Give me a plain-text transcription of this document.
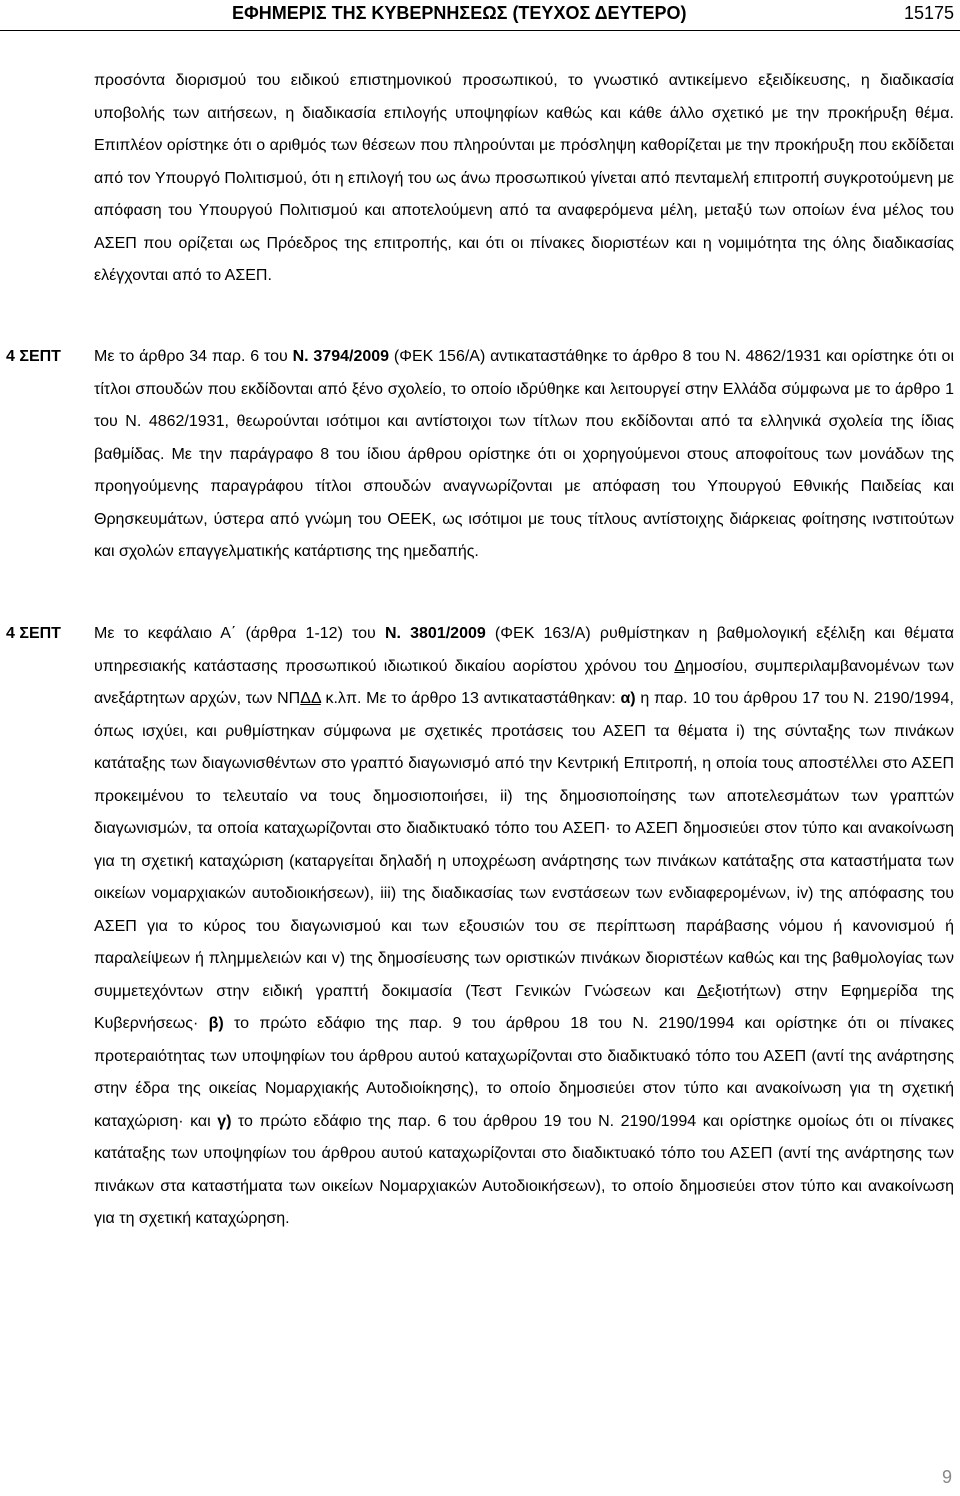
ΕΦΗΜΕΡΙΣ ΤΗΣ ΚΥΒΕΡΝΗΣΕΩΣ (ΤΕΥΧΟΣ ΔΕΥΤΕΡΟ)	15175
προσόντα διορισμού του ειδικού επιστημονικού προσωπικού, το γνωστικό αντικείμενο εξειδίκευσης, η διαδικασία υποβολής των αιτήσεων, η διαδικασία επιλογής υποψηφίων καθώς και κάθε άλλο σχετικό με την προκήρυξη θέμα. Επιπλέον ορίστηκε ότι ο αριθμός των θέσεων που πληρούνται με πρόσληψη καθορίζεται με την προκήρυξη που εκδίδεται από τον Υπουργό Πολιτισμού, ότι η επιλογή του ως άνω προσωπικού γίνεται από πενταμελή επιτροπή συγκροτούμενη με απόφαση του Υπουργού Πολιτισμού και αποτελούμενη από τα αναφερόμενα μέλη, μεταξύ των οποίων ένα μέλος του ΑΣΕΠ που ορίζεται ως Πρόεδρος της επιτροπής, και ότι οι πίνακες διοριστέων και η νομιμότητα της όλης διαδικασίας ελέγχονται από το ΑΣΕΠ.
4 ΣΕΠΤ Με το άρθρο 34 παρ. 6 του Ν. 3794/2009 (ΦΕΚ 156/Α) αντικαταστάθηκε το άρθρο 8 του Ν. 4862/1931 και ορίστηκε ότι οι τίτλοι σπουδών που εκδίδονται από ξένο σχολείο, το οποίο ιδρύθηκε και λειτουργεί στην Ελλάδα σύμφωνα με το άρθρο 1 του Ν. 4862/1931, θεωρούνται ισότιμοι και αντίστοιχοι των τίτλων που εκδίδονται από τα ελληνικά σχολεία της ίδιας βαθμίδας. Με την παράγραφο 8 του ίδιου άρθρου ορίστηκε ότι οι χορηγούμενοι στους αποφοίτους των μονάδων της προηγούμενης παραγράφου τίτλοι σπουδών αναγνωρίζονται με απόφαση του Υπουργού Εθνικής Παιδείας και Θρησκευμάτων, ύστερα από γνώμη του ΟΕΕΚ, ως ισότιμοι με τους τίτλους αντίστοιχης διάρκειας φοίτησης ινστιτούτων και σχολών επαγγελματικής κατάρτισης της ημεδαπής.
4 ΣΕΠΤ Με το κεφάλαιο Α΄ (άρθρα 1-12) του Ν. 3801/2009 (ΦΕΚ 163/Α) ρυθμίστηκαν η βαθμολογική εξέλιξη και θέματα υπηρεσιακής κατάστασης προσωπικού ιδιωτικού δικαίου αορίστου χρόνου του Δημοσίου, συμπεριλαμβανομένων των ανεξάρτητων αρχών, των ΝΠΔΔ κ.λπ. Με το άρθρο 13 αντικαταστάθηκαν: α) η παρ. 10 του άρθρου 17 του Ν. 2190/1994, όπως ισχύει, και ρυθμίστηκαν σύμφωνα με σχετικές προτάσεις του ΑΣΕΠ τα θέματα i) της σύνταξης των πινάκων κατάταξης των διαγωνισθέντων στο γραπτό διαγωνισμό από την Κεντρική Επιτροπή, η οποία τους αποστέλλει στο ΑΣΕΠ προκειμένου το τελευταίο να τους δημοσιοποιήσει, ii) της δημοσιοποίησης των αποτελεσμάτων των γραπτών διαγωνισμών, τα οποία καταχωρίζονται στο διαδικτυακό τόπο του ΑΣΕΠ· το ΑΣΕΠ δημοσιεύει στον τύπο και ανακοίνωση για τη σχετική καταχώριση (καταργείται δηλαδή η υποχρέωση ανάρτησης των πινάκων κατάταξης στα καταστήματα των οικείων νομαρχιακών αυτοδιοικήσεων), iii) της διαδικασίας των ενστάσεων των ενδιαφερομένων, iv) της απόφασης του ΑΣΕΠ για το κύρος του διαγωνισμού και των εξουσιών του σε περίπτωση παράβασης νόμου ή κανονισμού ή παραλείψεων ή πλημμελειών και v) της δημοσίευσης των οριστικών πινάκων διοριστέων καθώς και της βαθμολογίας των συμμετεχόντων στην ειδική γραπτή δοκιμασία (Τεστ Γενικών Γνώσεων και Δεξιοτήτων) στην Εφημερίδα της Κυβερνήσεως· β) το πρώτο εδάφιο της παρ. 9 του άρθρου 18 του Ν. 2190/1994 και ορίστηκε ότι οι πίνακες προτεραιότητας των υποψηφίων του άρθρου αυτού καταχωρίζονται στο διαδικτυακό τόπο του ΑΣΕΠ (αντί της ανάρτησης στην έδρα της οικείας Νομαρχιακής Αυτοδιοίκησης), το οποίο δημοσιεύει στον τύπο και ανακοίνωση για τη σχετική καταχώριση· και γ) το πρώτο εδάφιο της παρ. 6 του άρθρου 19 του Ν. 2190/1994 και ορίστηκε ομοίως ότι οι πίνακες κατάταξης των υποψηφίων του άρθρου αυτού καταχωρίζονται στο διαδικτυακό τόπο του ΑΣΕΠ (αντί της ανάρτησης των πινάκων στα καταστήματα των οικείων Νομαρχιακών Αυτοδιοικήσεων), το οποίο δημοσιεύει στον τύπο και ανακοίνωση για τη σχετική καταχώρηση.
9
